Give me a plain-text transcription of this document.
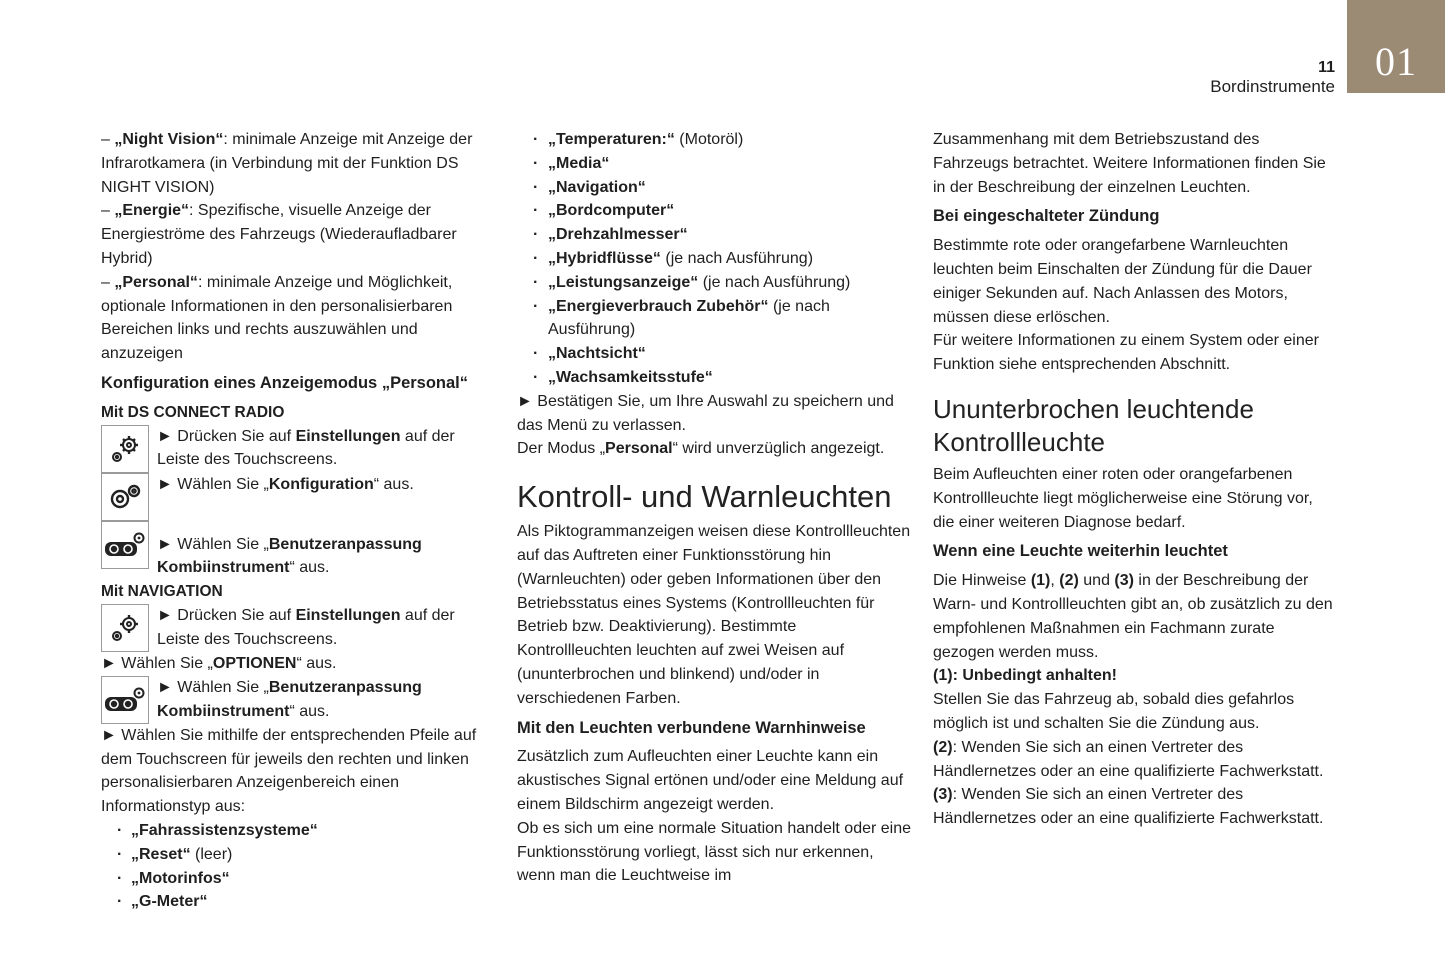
01
11
Bordinstrumente

– „Night Vision“: minimale Anzeige mit Anzeige der Infrarotkamera (in Verbindung mit der Funktion DS NIGHT VISION)

– „Energie“: Spezifische, visuelle Anzeige der Energieströme des Fahrzeugs (Wiederaufladbarer Hybrid)

– „Personal“: minimale Anzeige und Möglichkeit, optionale Informationen in den personalisierbaren Bereichen links und rechts auszuwählen und anzuzeigen

Konfiguration eines Anzeigemodus „Personal“

Mit DS CONNECT RADIO

► Drücken Sie auf Einstellungen auf der Leiste des Touchscreens.
► Wählen Sie „Konfiguration“ aus.
► Wählen Sie „Benutzeranpassung Kombiinstrument“ aus.

Mit NAVIGATION

► Drücken Sie auf Einstellungen auf der Leiste des Touchscreens.

► Wählen Sie „OPTIONEN“ aus.

► Wählen Sie „Benutzeranpassung Kombiinstrument“ aus.

► Wählen Sie mithilfe der entsprechenden Pfeile auf dem Touchscreen für jeweils den rechten und linken personalisierbaren Anzeigenbereich einen Informationstyp aus:

· „Fahrassistenzsysteme“

· „Reset“ (leer)

· „Motorinfos“

· „G-Meter“

· „Temperaturen:“ (Motoröl)

· „Media“

· „Navigation“

· „Bordcomputer“

· „Drehzahlmesser“

· „Hybridflüsse“ (je nach Ausführung)

· „Leistungsanzeige“ (je nach Ausführung)

· „Energieverbrauch Zubehör“ (je nach Ausführung)

· „Nachtsicht“

· „Wachsamkeitsstufe“

► Bestätigen Sie, um Ihre Auswahl zu speichern und das Menü zu verlassen.

Der Modus „Personal“ wird unverzüglich angezeigt.

Kontroll- und Warnleuchten

Als Piktogrammanzeigen weisen diese Kontrollleuchten auf das Auftreten einer Funktionsstörung hin (Warnleuchten) oder geben Informationen über den Betriebsstatus eines Systems (Kontrollleuchten für Betrieb bzw. Deaktivierung). Bestimmte Kontrollleuchten leuchten auf zwei Weisen auf (ununterbrochen und blinkend) und/oder in verschiedenen Farben.

Mit den Leuchten verbundene Warnhinweise

Zusätzlich zum Aufleuchten einer Leuchte kann ein akustisches Signal ertönen und/oder eine Meldung auf einem Bildschirm angezeigt werden.

Ob es sich um eine normale Situation handelt oder eine Funktionsstörung vorliegt, lässt sich nur erkennen, wenn man die Leuchtweise im

Zusammenhang mit dem Betriebszustand des Fahrzeugs betrachtet. Weitere Informationen finden Sie in der Beschreibung der einzelnen Leuchten.

Bei eingeschalteter Zündung

Bestimmte rote oder orangefarbene Warnleuchten leuchten beim Einschalten der Zündung für die Dauer einiger Sekunden auf. Nach Anlassen des Motors, müssen diese erlöschen.

Für weitere Informationen zu einem System oder einer Funktion siehe entsprechenden Abschnitt.

Ununterbrochen leuchtende Kontrollleuchte

Beim Aufleuchten einer roten oder orangefarbenen Kontrollleuchte liegt möglicherweise eine Störung vor, die einer weiteren Diagnose bedarf.

Wenn eine Leuchte weiterhin leuchtet

Die Hinweise (1), (2) und (3) in der Beschreibung der Warn- und Kontrollleuchten gibt an, ob zusätzlich zu den empfohlenen Maßnahmen ein Fachmann zurate gezogen werden muss.

(1): Unbedingt anhalten!

Stellen Sie das Fahrzeug ab, sobald dies gefahrlos möglich ist und schalten Sie die Zündung aus.

(2): Wenden Sie sich an einen Vertreter des Händlernetzes oder an eine qualifizierte Fachwerkstatt.

(3): Wenden Sie sich an einen Vertreter des Händlernetzes oder an eine qualifizierte Fachwerkstatt.
